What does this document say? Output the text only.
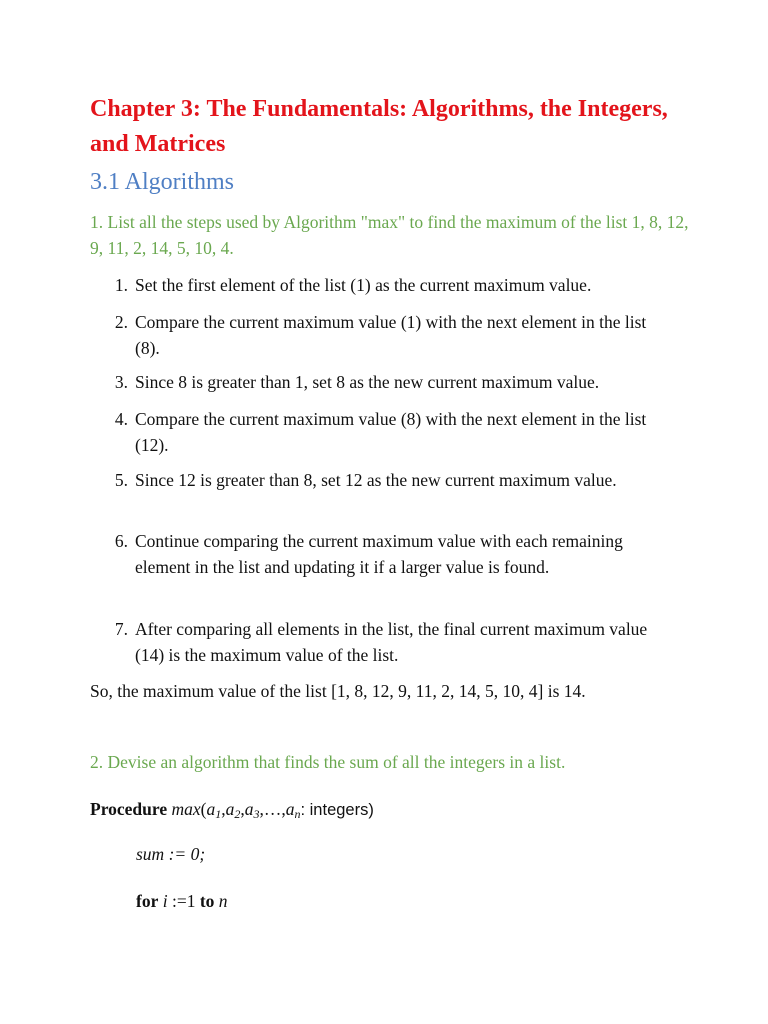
Chapter 3: The Fundamentals: Algorithms, the Integers, and Matrices
3.1 Algorithms

1. List all the steps used by Algorithm "max" to find the maximum of the list 1, 8, 12, 9, 11, 2, 14, 5, 10, 4.

1. Set the first element of the list (1) as the current maximum value.
2. Compare the current maximum value (1) with the next element in the list (8).
3. Since 8 is greater than 1, set 8 as the new current maximum value.
4. Compare the current maximum value (8) with the next element in the list (12).
5. Since 12 is greater than 8, set 12 as the new current maximum value.
6. Continue comparing the current maximum value with each remaining element in the list and updating it if a larger value is found.
7. After comparing all elements in the list, the final current maximum value (14) is the maximum value of the list.

So, the maximum value of the list [1, 8, 12, 9, 11, 2, 14, 5, 10, 4] is 14.

2. Devise an algorithm that finds the sum of all the integers in a list.

Procedure $\max(a_1,a_2,a_3,\dots,a_n$: integers)

sum := 0;

for i :=1 to n
